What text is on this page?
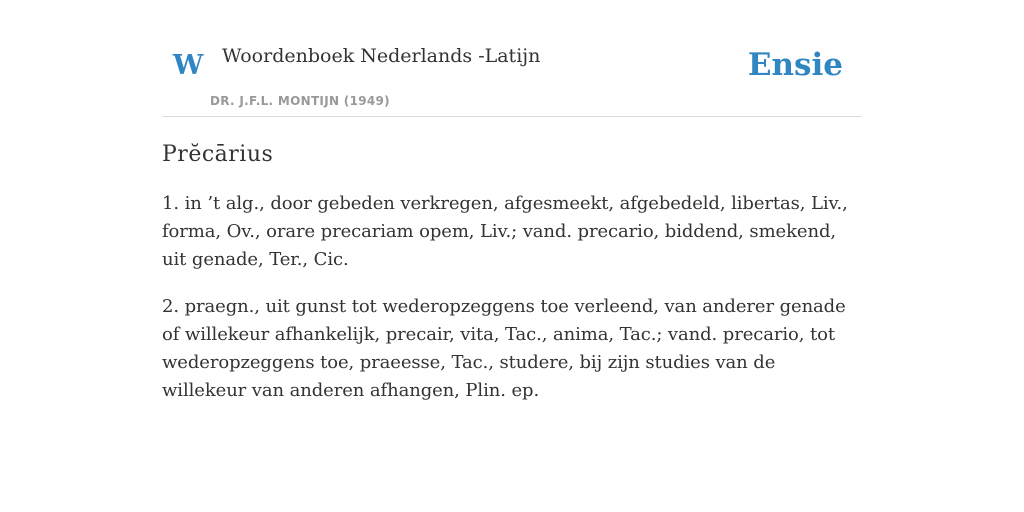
W Woordenboek Nederlands -Latijn
DR. J.F.L. MONTIJN (1949)
Ensie
Prĕcārius

1. in ’t alg., door gebeden verkregen, afgesmeekt, afgebedeld, libertas, Liv., forma, Ov., orare precariam opem, Liv.; vand. precario, biddend, smekend, uit genade, Ter., Cic.

2. praegn., uit gunst tot wederopzeggens toe verleend, van anderer genade of willekeur afhankelijk, precair, vita, Tac., anima, Tac.; vand. precario, tot wederopzeggens toe, praeesse, Tac., studere, bij zijn studies van de willekeur van anderen afhangen, Plin. ep.
